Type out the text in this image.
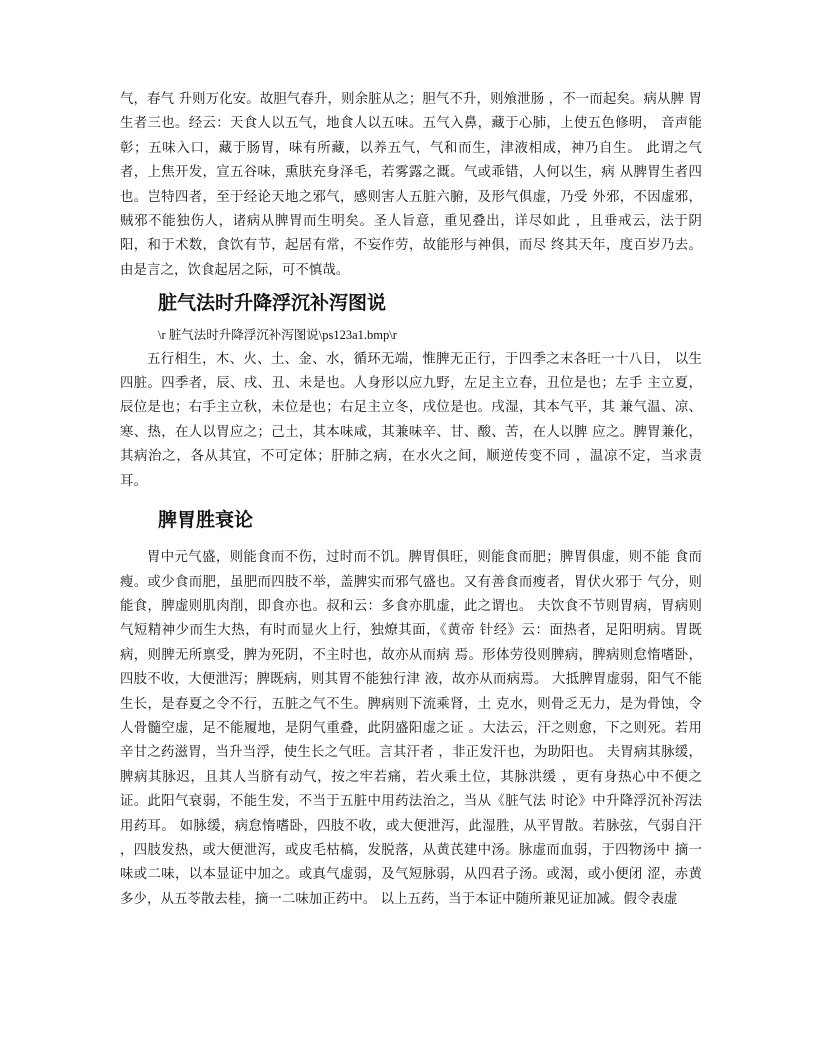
气，春气 升则万化安。故胆气春升，则余脏从之；胆气不升，则飧泄肠 ，不一而起矣。病从脾 胃生者三也。经云：天食人以五气，地食人以五味。五气入鼻，藏于心肺，上使五色修明， 音声能彰；五味入口，藏于肠胃，味有所藏，以养五气，气和而生，津液相成，神乃自生。 此谓之气者，上焦开发，宣五谷味，熏肤充身泽毛，若雾露之溉。气或乖错，人何以生，病 从脾胃生者四也。岂特四者，至于经论天地之邪气，感则害人五脏六腑，及形气俱虚，乃受 外邪，不因虚邪，贼邪不能独伤人，诸病从脾胃而生明矣。圣人旨意，重见叠出，详尽如此 ，且垂戒云，法于阴阳，和于术数，食饮有节，起居有常，不妄作劳，故能形与神俱，而尽 终其天年，度百岁乃去。由是言之，饮食起居之际，可不慎哉。

脏气法时升降浮沉补泻图说

\r 脏气法时升降浮沉补泻图说\ps123a1.bmp\r

五行相生，木、火、土、金、水，循环无端，惟脾无正行，于四季之末各旺一十八日， 以生四脏。四季者，辰、戌、丑、未是也。人身形以应九野，左足主立春，丑位是也；左手 主立夏，辰位是也；右手主立秋，未位是也；右足主立冬，戌位是也。戌湿，其本气平，其 兼气温、凉、寒、热，在人以胃应之；己土，其本味咸，其兼味辛、甘、酸、苦，在人以脾 应之。脾胃兼化，其病治之，各从其宜，不可定体；肝肺之病，在水火之间，顺逆传变不同 ，温凉不定，当求责耳。

脾胃胜衰论

胃中元气盛，则能食而不伤，过时而不饥。脾胃俱旺，则能食而肥；脾胃俱虚，则不能 食而瘦。或少食而肥，虽肥而四肢不举，盖脾实而邪气盛也。又有善食而瘦者，胃伏火邪于 气分，则能食，脾虚则肌肉削，即食亦也。叔和云：多食亦肌虚，此之谓也。 夫饮食不节则胃病，胃病则气短精神少而生大热，有时而显火上行，独燎其面，《黄帝 针经》云：面热者，足阳明病。胃既病，则脾无所禀受，脾为死阴，不主时也，故亦从而病 焉。形体劳役则脾病，脾病则怠惰嗜卧，四肢不收，大便泄泻；脾既病，则其胃不能独行津 液，故亦从而病焉。 大抵脾胃虚弱，阳气不能生长，是春夏之令不行，五脏之气不生。脾病则下流乘肾，土 克水，则骨乏无力，是为骨蚀，令人骨髓空虚，足不能履地，是阴气重叠，此阴盛阳虚之证 。大法云，汗之则愈，下之则死。若用辛甘之药滋胃，当升当浮，使生长之气旺。言其汗者 ，非正发汗也，为助阳也。 夫胃病其脉缓，脾病其脉迟，且其人当脐有动气，按之牢若痛，若火乘土位，其脉洪缓 ，更有身热心中不便之证。此阳气衰弱，不能生发，不当于五脏中用药法治之，当从《脏气法 时论》中升降浮沉补泻法用药耳。 如脉缓，病怠惰嗜卧，四肢不收，或大便泄泻，此湿胜，从平胃散。若脉弦，气弱自汗 ，四肢发热，或大便泄泻，或皮毛枯槁，发脱落，从黄芪建中汤。脉虚而血弱，于四物汤中 摘一味或二味，以本显证中加之。或真气虚弱，及气短脉弱，从四君子汤。或渴，或小便闭 涩，赤黄多少，从五苓散去桂，摘一二味加正药中。 以上五药，当于本证中随所兼见证加减。假令表虚
